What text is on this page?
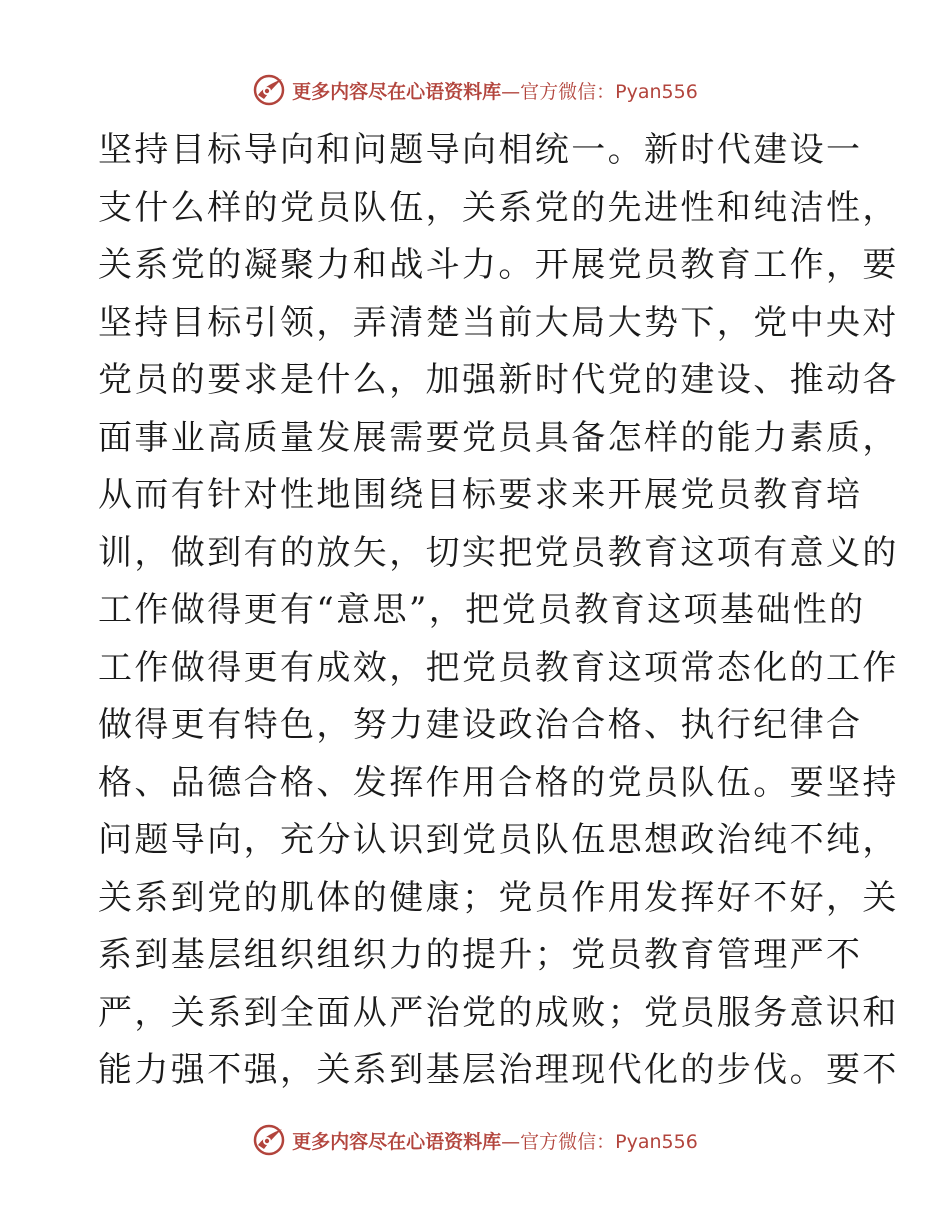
更多内容尽在心语资料库 —官方微信：Pyan556
坚持目标导向和问题导向相统一。新时代建设一
支什么样的党员队伍，关系党的先进性和纯洁性，
关系党的凝聚力和战斗力。开展党员教育工作，要
坚持目标引领，弄清楚当前大局大势下，党中央对
党员的要求是什么，加强新时代党的建设、推动各
面事业高质量发展需要党员具备怎样的能力素质，
从而有针对性地围绕目标要求来开展党员教育培
训，做到有的放矢，切实把党员教育这项有意义的
工作做得更有“意思”，把党员教育这项基础性的
工作做得更有成效，把党员教育这项常态化的工作
做得更有特色，努力建设政治合格、执行纪律合
格、品德合格、发挥作用合格的党员队伍。要坚持
问题导向，充分认识到党员队伍思想政治纯不纯，
关系到党的肌体的健康；党员作用发挥好不好，关
系到基层组织组织力的提升；党员教育管理严不
严，关系到全面从严治党的成败；党员服务意识和
能力强不强，关系到基层治理现代化的步伐。要不
更多内容尽在心语资料库 —官方微信：Pyan556
